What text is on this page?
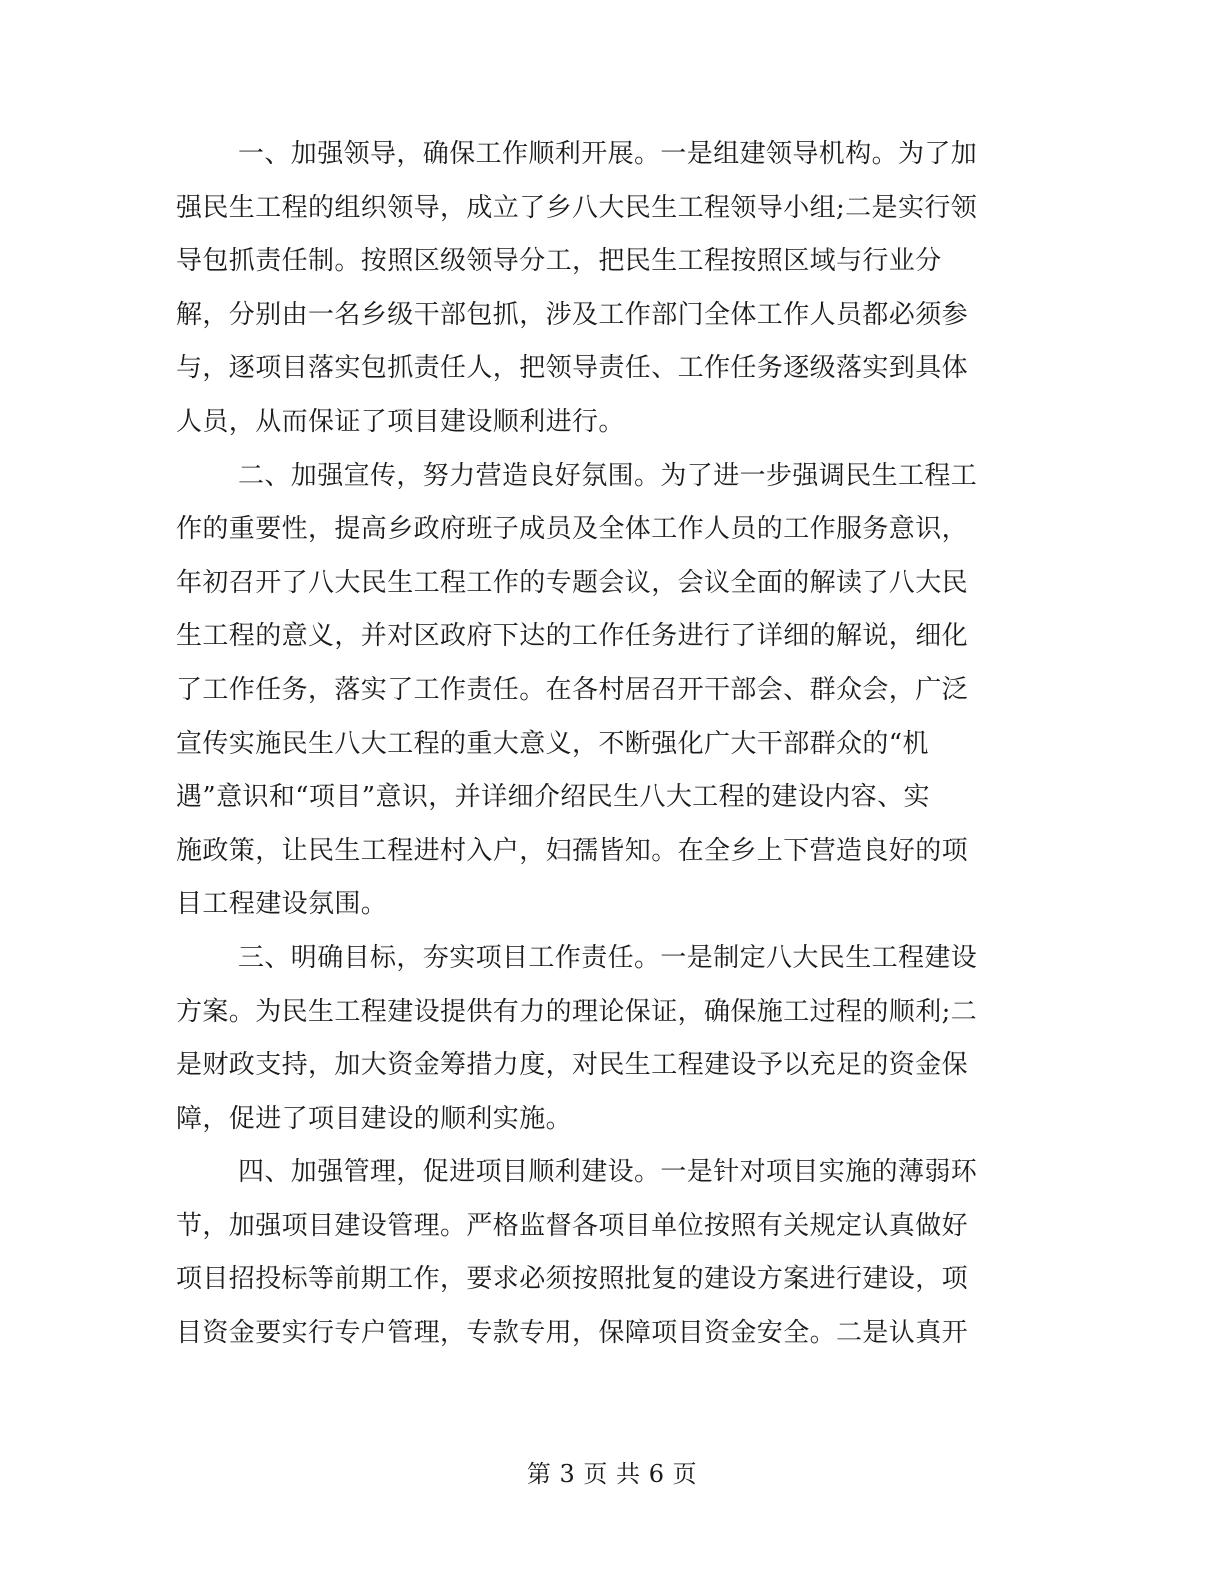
一、加强领导，确保工作顺利开展。一是组建领导机构。为了加
强民生工程的组织领导，成立了乡八大民生工程领导小组;二是实行领
导包抓责任制。按照区级领导分工，把民生工程按照区域与行业分
解，分别由一名乡级干部包抓，涉及工作部门全体工作人员都必须参
与，逐项目落实包抓责任人，把领导责任、工作任务逐级落实到具体
人员，从而保证了项目建设顺利进行。
二、加强宣传，努力营造良好氛围。为了进一步强调民生工程工
作的重要性，提高乡政府班子成员及全体工作人员的工作服务意识，
年初召开了八大民生工程工作的专题会议，会议全面的解读了八大民
生工程的意义，并对区政府下达的工作任务进行了详细的解说，细化
了工作任务，落实了工作责任。在各村居召开干部会、群众会，广泛
宣传实施民生八大工程的重大意义，不断强化广大干部群众的“机
遇”意识和“项目”意识，并详细介绍民生八大工程的建设内容、实
施政策，让民生工程进村入户，妇孺皆知。在全乡上下营造良好的项
目工程建设氛围。
三、明确目标，夯实项目工作责任。一是制定八大民生工程建设
方案。为民生工程建设提供有力的理论保证，确保施工过程的顺利;二
是财政支持，加大资金筹措力度，对民生工程建设予以充足的资金保
障，促进了项目建设的顺利实施。
四、加强管理，促进项目顺利建设。一是针对项目实施的薄弱环
节，加强项目建设管理。严格监督各项目单位按照有关规定认真做好
项目招投标等前期工作，要求必须按照批复的建设方案进行建设，项
目资金要实行专户管理，专款专用，保障项目资金安全。二是认真开
第 3 页 共 6 页
